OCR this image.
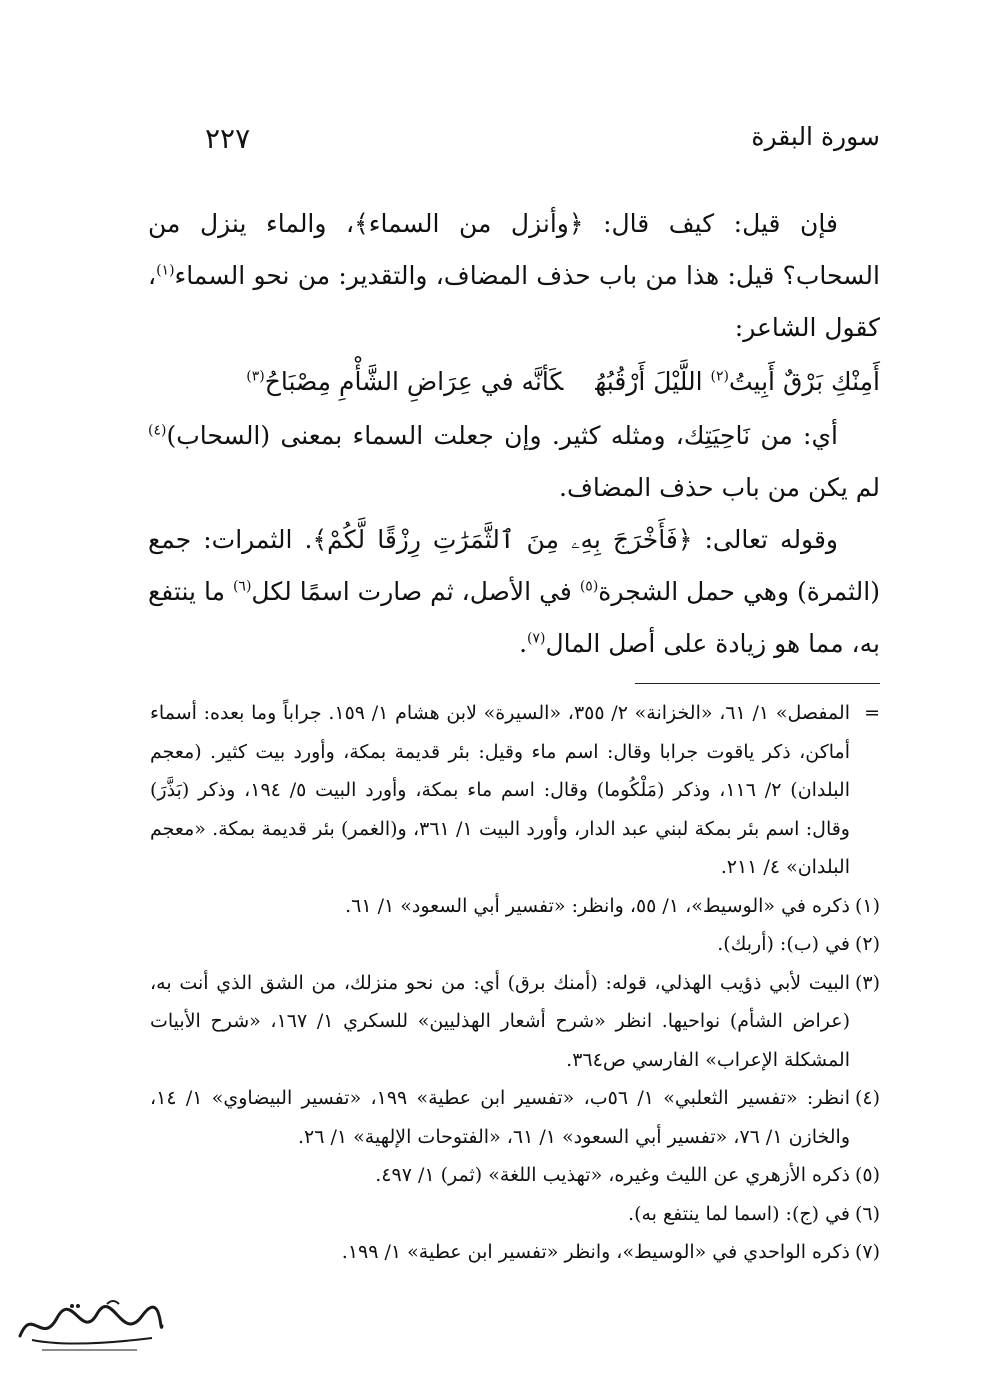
سورة البقرة
٢٢٧

فإن قيل: كيف قال: ﴿وأنزل من السماء﴾، والماء ينزل من السحاب؟ قيل: هذا من باب حذف المضاف، والتقدير: من نحو السماء$^{(١)}$، كقول الشاعر:

أَمِنْكِ بَرْقٌ أَبِيتُ$^{(٢)}$ اللَّيْلَ أَرْقُبُهُكَأنَّه في عِرَاضِ الشَّأْمِ مِصْبَاحُ$^{(٣)}$

أي: من نَاحِيَتِك، ومثله كثير. وإن جعلت السماء بمعنى (السحاب)$^{(٤)}$ لم يكن من باب حذف المضاف.

وقوله تعالى: ﴿فَأَخْرَجَ بِهِۦ مِنَ ٱلثَّمَرَٰتِ رِزْقًا لَّكُمْ﴾. الثمرات: جمع (الثمرة) وهي حمل الشجرة$^{(٥)}$ في الأصل، ثم صارت اسمًا لكل$^{(٦)}$ ما ينتفع به، مما هو زيادة على أصل المال$^{(٧)}$.

=
المفصل» ١/ ٦١، «الخزانة» ٢/ ٣٥٥، «السيرة» لابن هشام ١/ ١٥٩. جراباً وما بعده: أسماء أماكن، ذكر ياقوت جرابا وقال: اسم ماء وقيل: بئر قديمة بمكة، وأورد بيت كثير. (معجم البلدان) ٢/ ١١٦، وذكر (مَلْكُوما) وقال: اسم ماء بمكة، وأورد البيت ٥/ ١٩٤، وذكر (بَذَّرَ) وقال: اسم بئر بمكة لبني عبد الدار، وأورد البيت ١/ ٣٦١، و(الغمر) بئر قديمة بمكة. «معجم البلدان» ٤/ ٢١١.

(١)
ذكره في «الوسيط»، ١/ ٥٥، وانظر: «تفسير أبي السعود» ١/ ٦١.

(٢)
في (ب): (أربك).

(٣)
البيت لأبي ذؤيب الهذلي، قوله: (أمنك برق) أي: من نحو منزلك، من الشق الذي أنت به، (عراض الشأم) نواحيها. انظر «شرح أشعار الهذليين» للسكري ١/ ١٦٧، «شرح الأبيات المشكلة الإعراب» الفارسي ص٣٦٤.

(٤)
انظر: «تفسير الثعلبي» ١/ ٥٦ب، «تفسير ابن عطية» ١٩٩، «تفسير البيضاوي» ١/ ١٤، والخازن ١/ ٧٦، «تفسير أبي السعود» ١/ ٦١، «الفتوحات الإلهية» ١/ ٢٦.

(٥)
ذكره الأزهري عن الليث وغيره، «تهذيب اللغة» (ثمر) ١/ ٤٩٧.

(٦)
في (ج): (اسما لما ينتفع به).

(٧)
ذكره الواحدي في «الوسيط»، وانظر «تفسير ابن عطية» ١/ ١٩٩.
